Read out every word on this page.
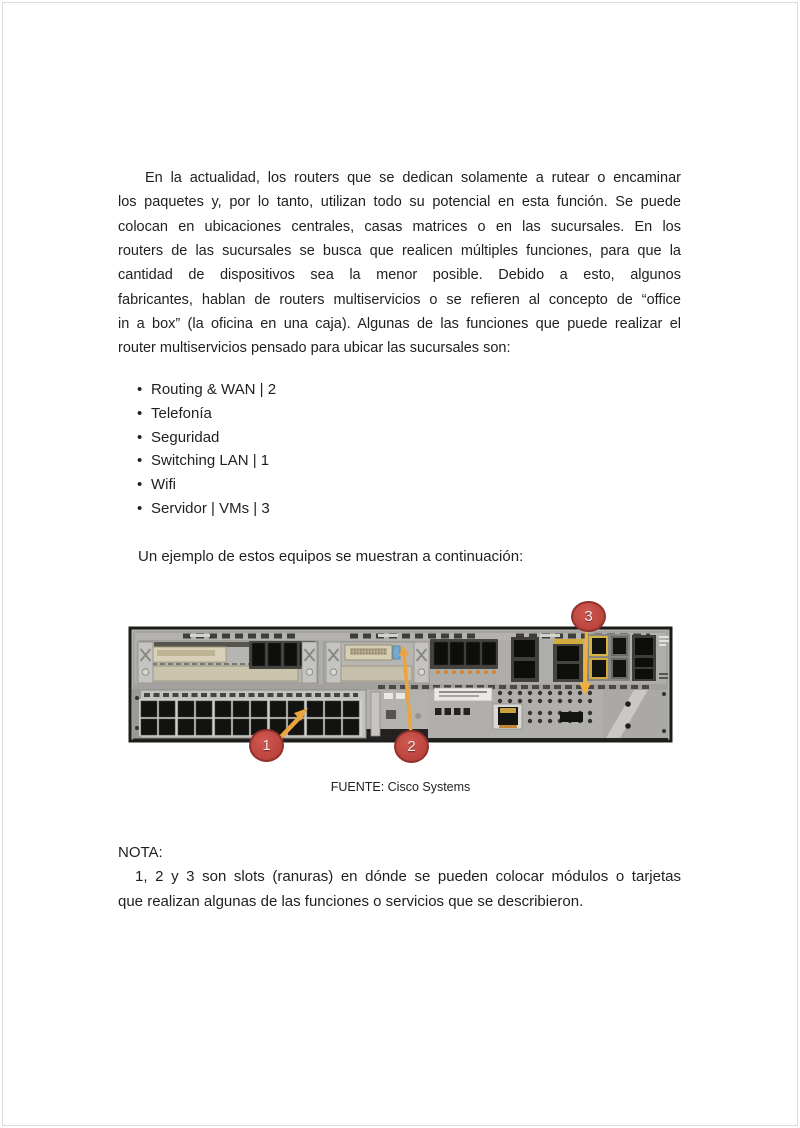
En la actualidad, los routers que se dedican solamente a rutear o encaminar
los paquetes y, por lo tanto, utilizan todo su potencial en esta función. Se puede
colocan en ubicaciones centrales, casas matrices o en las sucursales. En los
routers de las sucursales se busca que realicen múltiples funciones, para que la
cantidad de dispositivos sea la menor posible. Debido a esto, algunos
fabricantes, hablan de routers multiservicios o se refieren al concepto de “office
in a box” (la oficina en una caja). Algunas de las funciones que puede realizar el
router multiservicios pensado para ubicar las sucursales son:
• Routing & WAN | 2
• Telefonía
• Seguridad
• Switching LAN | 1
• Wifi
• Servidor | VMs | 3
Un ejemplo de estos equipos se muestran a continuación:
1	2
3
FUENTE: Cisco Systems
NOTA:
1, 2 y 3 son slots (ranuras) en dónde se pueden colocar módulos o tarjetas
que realizan algunas de las funciones o servicios que se describieron.
